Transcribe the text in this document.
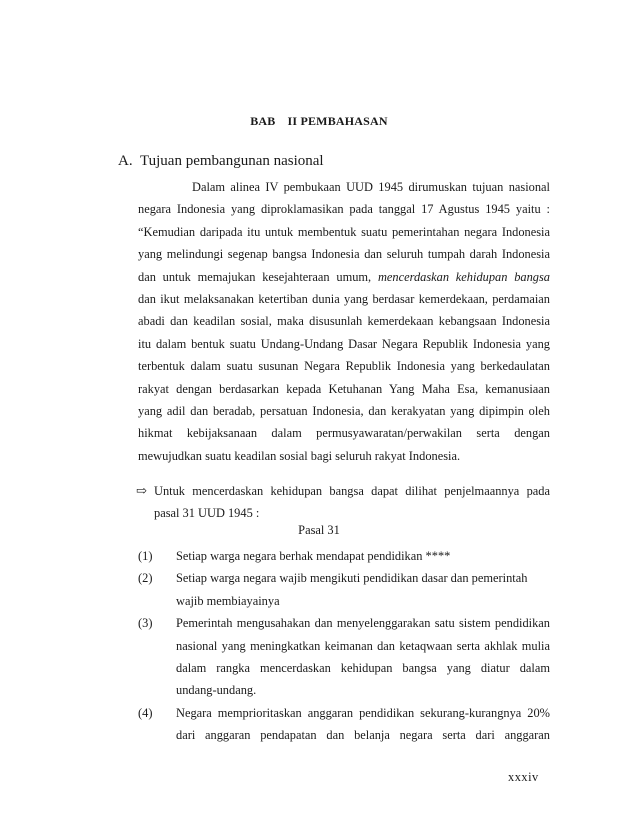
BAB II PEMBAHASAN
A. Tujuan pembangunan nasional
Dalam alinea IV pembukaan UUD 1945 dirumuskan tujuan nasional
negara Indonesia yang diproklamasikan pada tanggal 17 Agustus 1945 yaitu :
“Kemudian daripada itu untuk membentuk suatu pemerintahan negara Indonesia
yang melindungi segenap bangsa Indonesia dan seluruh tumpah darah Indonesia
dan untuk memajukan kesejahteraan umum, mencerdaskan kehidupan bangsa
dan ikut melaksanakan ketertiban dunia yang berdasar kemerdekaan, perdamaian
abadi dan keadilan sosial, maka disusunlah kemerdekaan kebangsaan Indonesia
itu dalam bentuk suatu Undang-Undang Dasar Negara Republik Indonesia yang
terbentuk dalam suatu susunan Negara Republik Indonesia yang berkedaulatan
rakyat dengan berdasarkan kepada Ketuhanan Yang Maha Esa, kemanusiaan
yang adil dan beradab, persatuan Indonesia, dan kerakyatan yang dipimpin oleh
hikmat kebijaksanaan dalam permusyawaratan/perwakilan serta dengan
mewujudkan suatu keadilan sosial bagi seluruh rakyat Indonesia.
⇨ Untuk mencerdaskan kehidupan bangsa dapat dilihat penjelmaannya pada
pasal 31 UUD 1945 :
Pasal 31
(1)	Setiap warga negara berhak mendapat pendidikan ****
(2)	Setiap warga negara wajib mengikuti pendidikan dasar dan pemerintah
wajib membiayainya
(3)	Pemerintah mengusahakan dan menyelenggarakan satu sistem pendidikan
nasional yang meningkatkan keimanan dan ketaqwaan serta akhlak mulia
dalam rangka mencerdaskan kehidupan bangsa yang diatur dalam
undang-undang.
(4)	Negara memprioritaskan anggaran pendidikan sekurang-kurangnya 20%
dari anggaran pendapatan dan belanja negara serta dari anggaran
xxxiv
